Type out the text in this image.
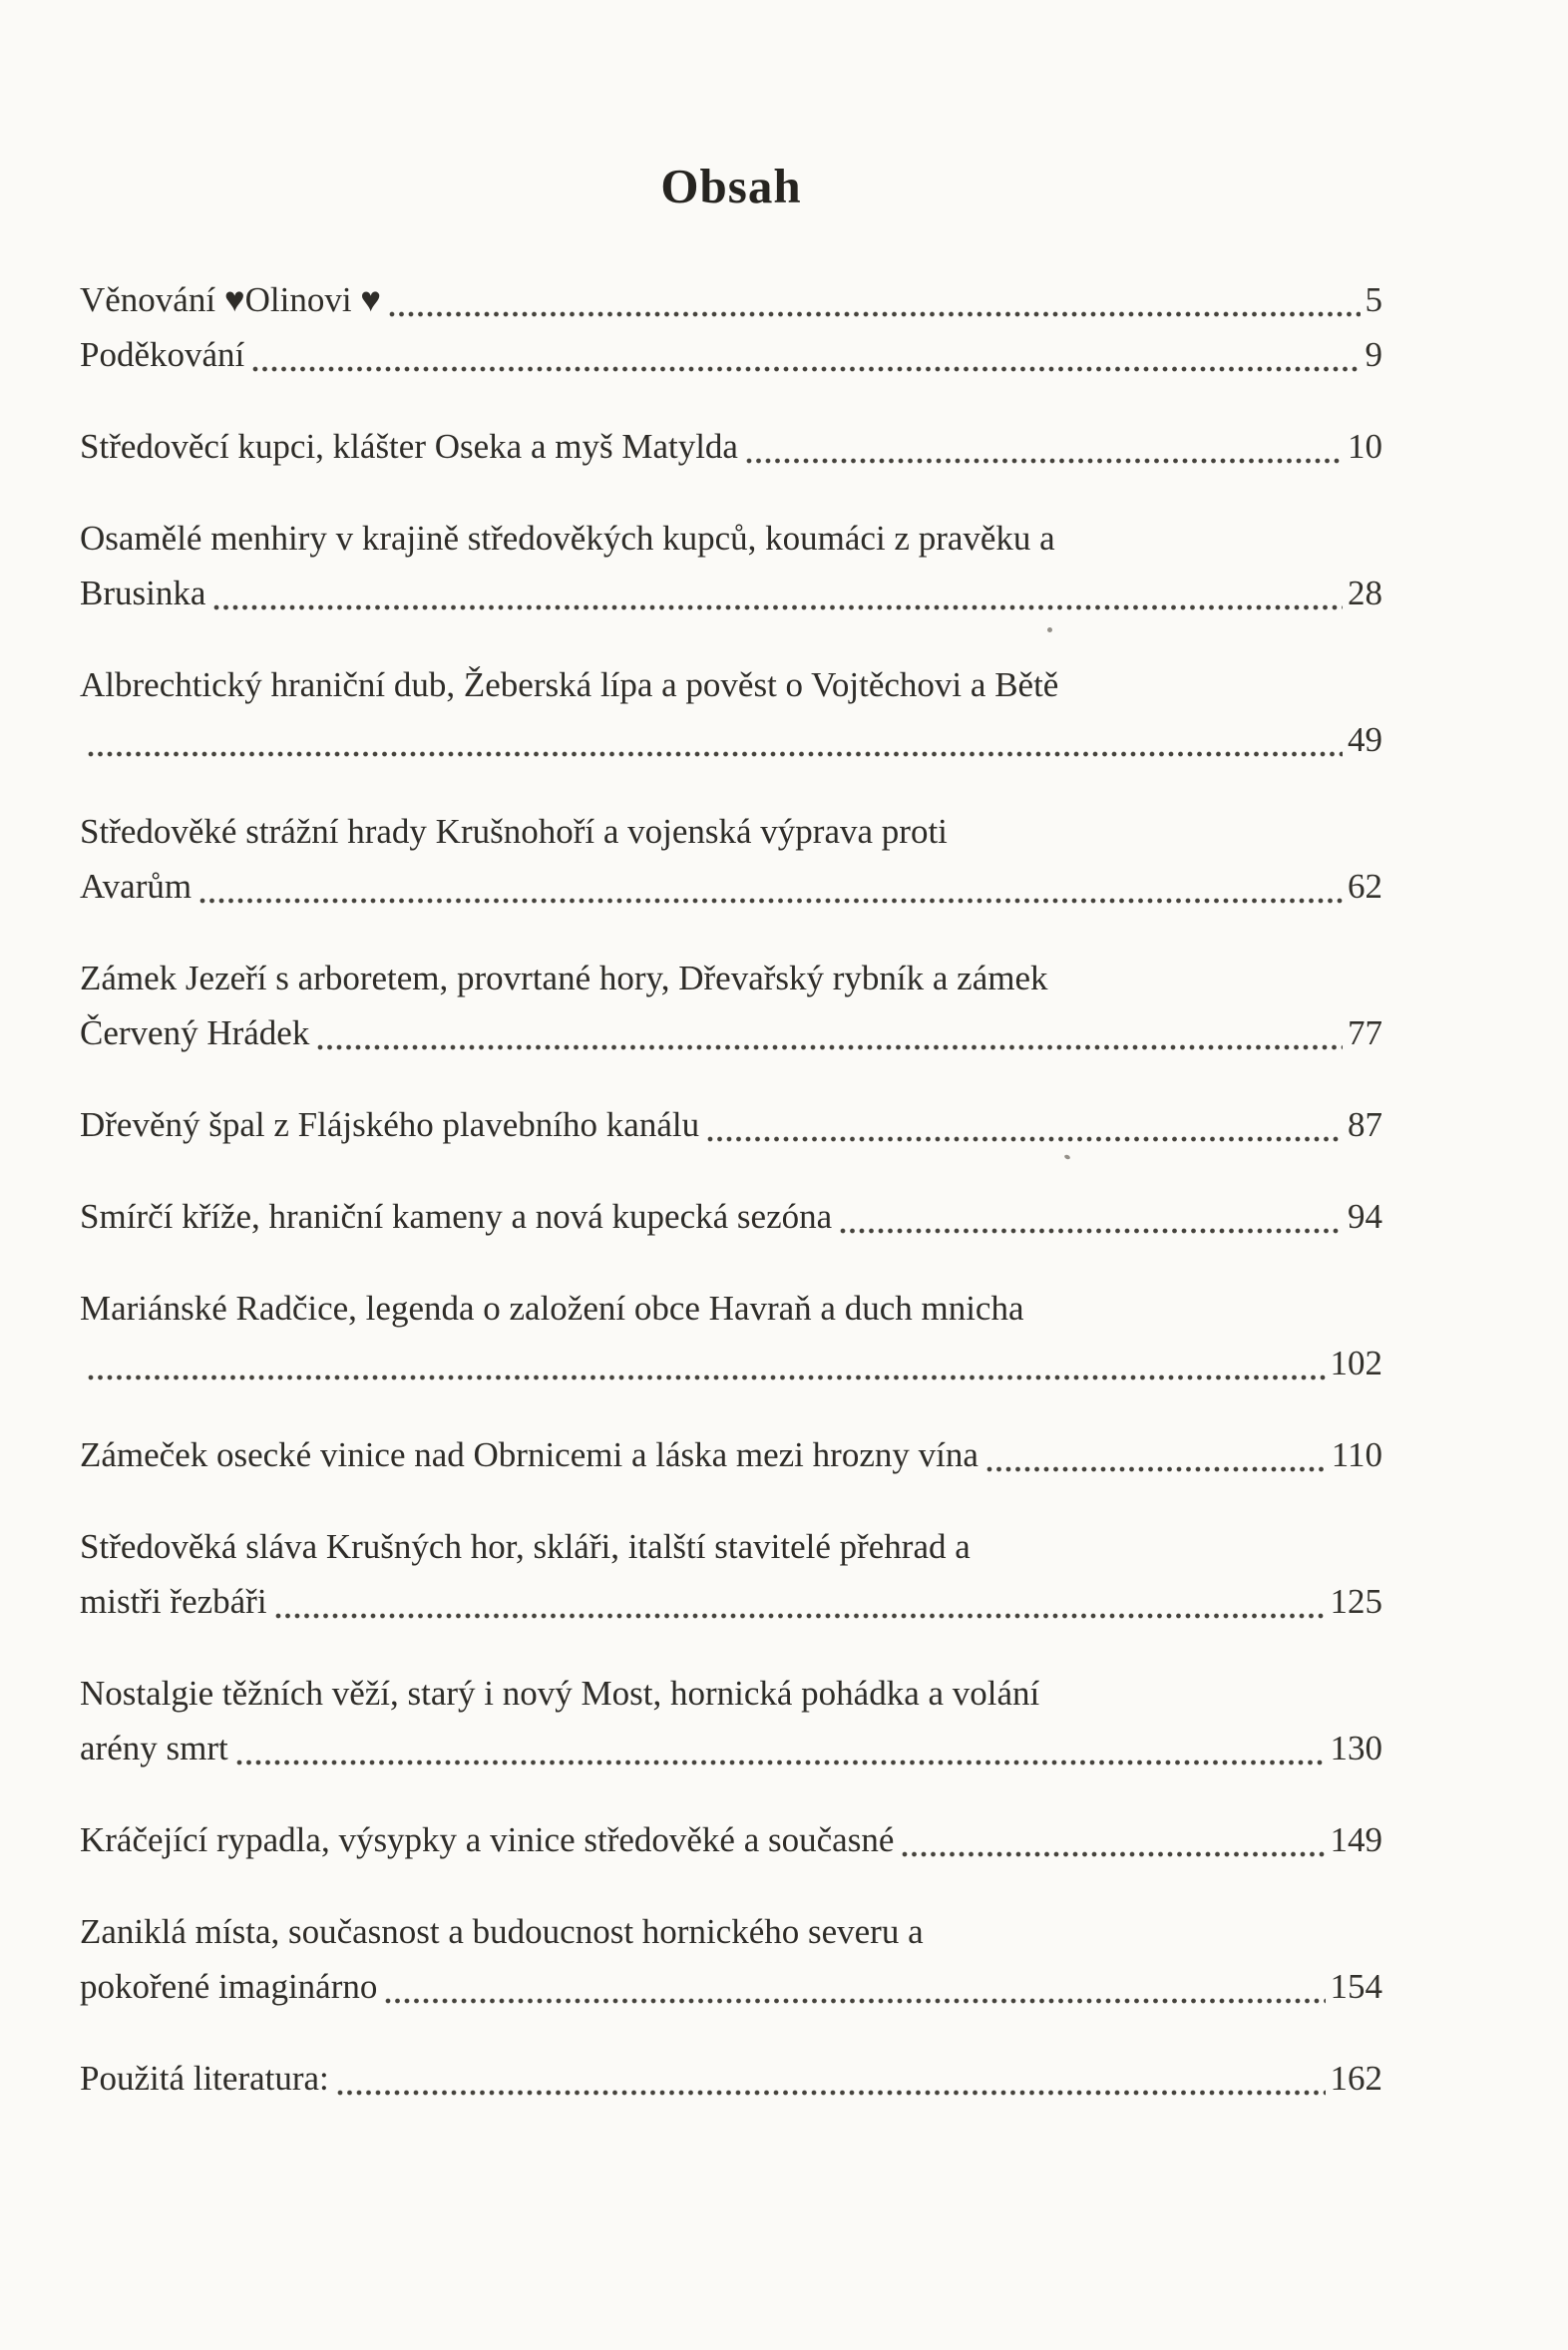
Obsah
Věnování ♥Olinovi ♥	5
Poděkování	9
Středověcí kupci, klášter Oseka a myš Matylda	10
Osamělé menhiry v krajině středověkých kupců, koumáci z pravěku a
Brusinka	28
Albrechtický hraniční dub, Žeberská lípa a pověst o Vojtěchovi a Bětě
49
Středověké strážní hrady Krušnohoří a vojenská výprava proti
Avarům	62
Zámek Jezeří s arboretem, provrtané hory, Dřevařský rybník a zámek
Červený Hrádek	77
Dřevěný špal z Flájského plavebního kanálu	87
Smírčí kříže, hraniční kameny a nová kupecká sezóna	94
Mariánské Radčice, legenda o založení obce Havraň a duch mnicha
102
Zámeček osecké vinice nad Obrnicemi a láska mezi hrozny vína	110
Středověká sláva Krušných hor, skláři, italští stavitelé přehrad a
mistři řezbáři	125
Nostalgie těžních věží, starý i nový Most, hornická pohádka a volání
arény smrt	130
Kráčející rypadla, výsypky a vinice středověké a současné	149
Zaniklá místa, současnost a budoucnost hornického severu a
pokořené imaginárno	154
Použitá literatura:	162
